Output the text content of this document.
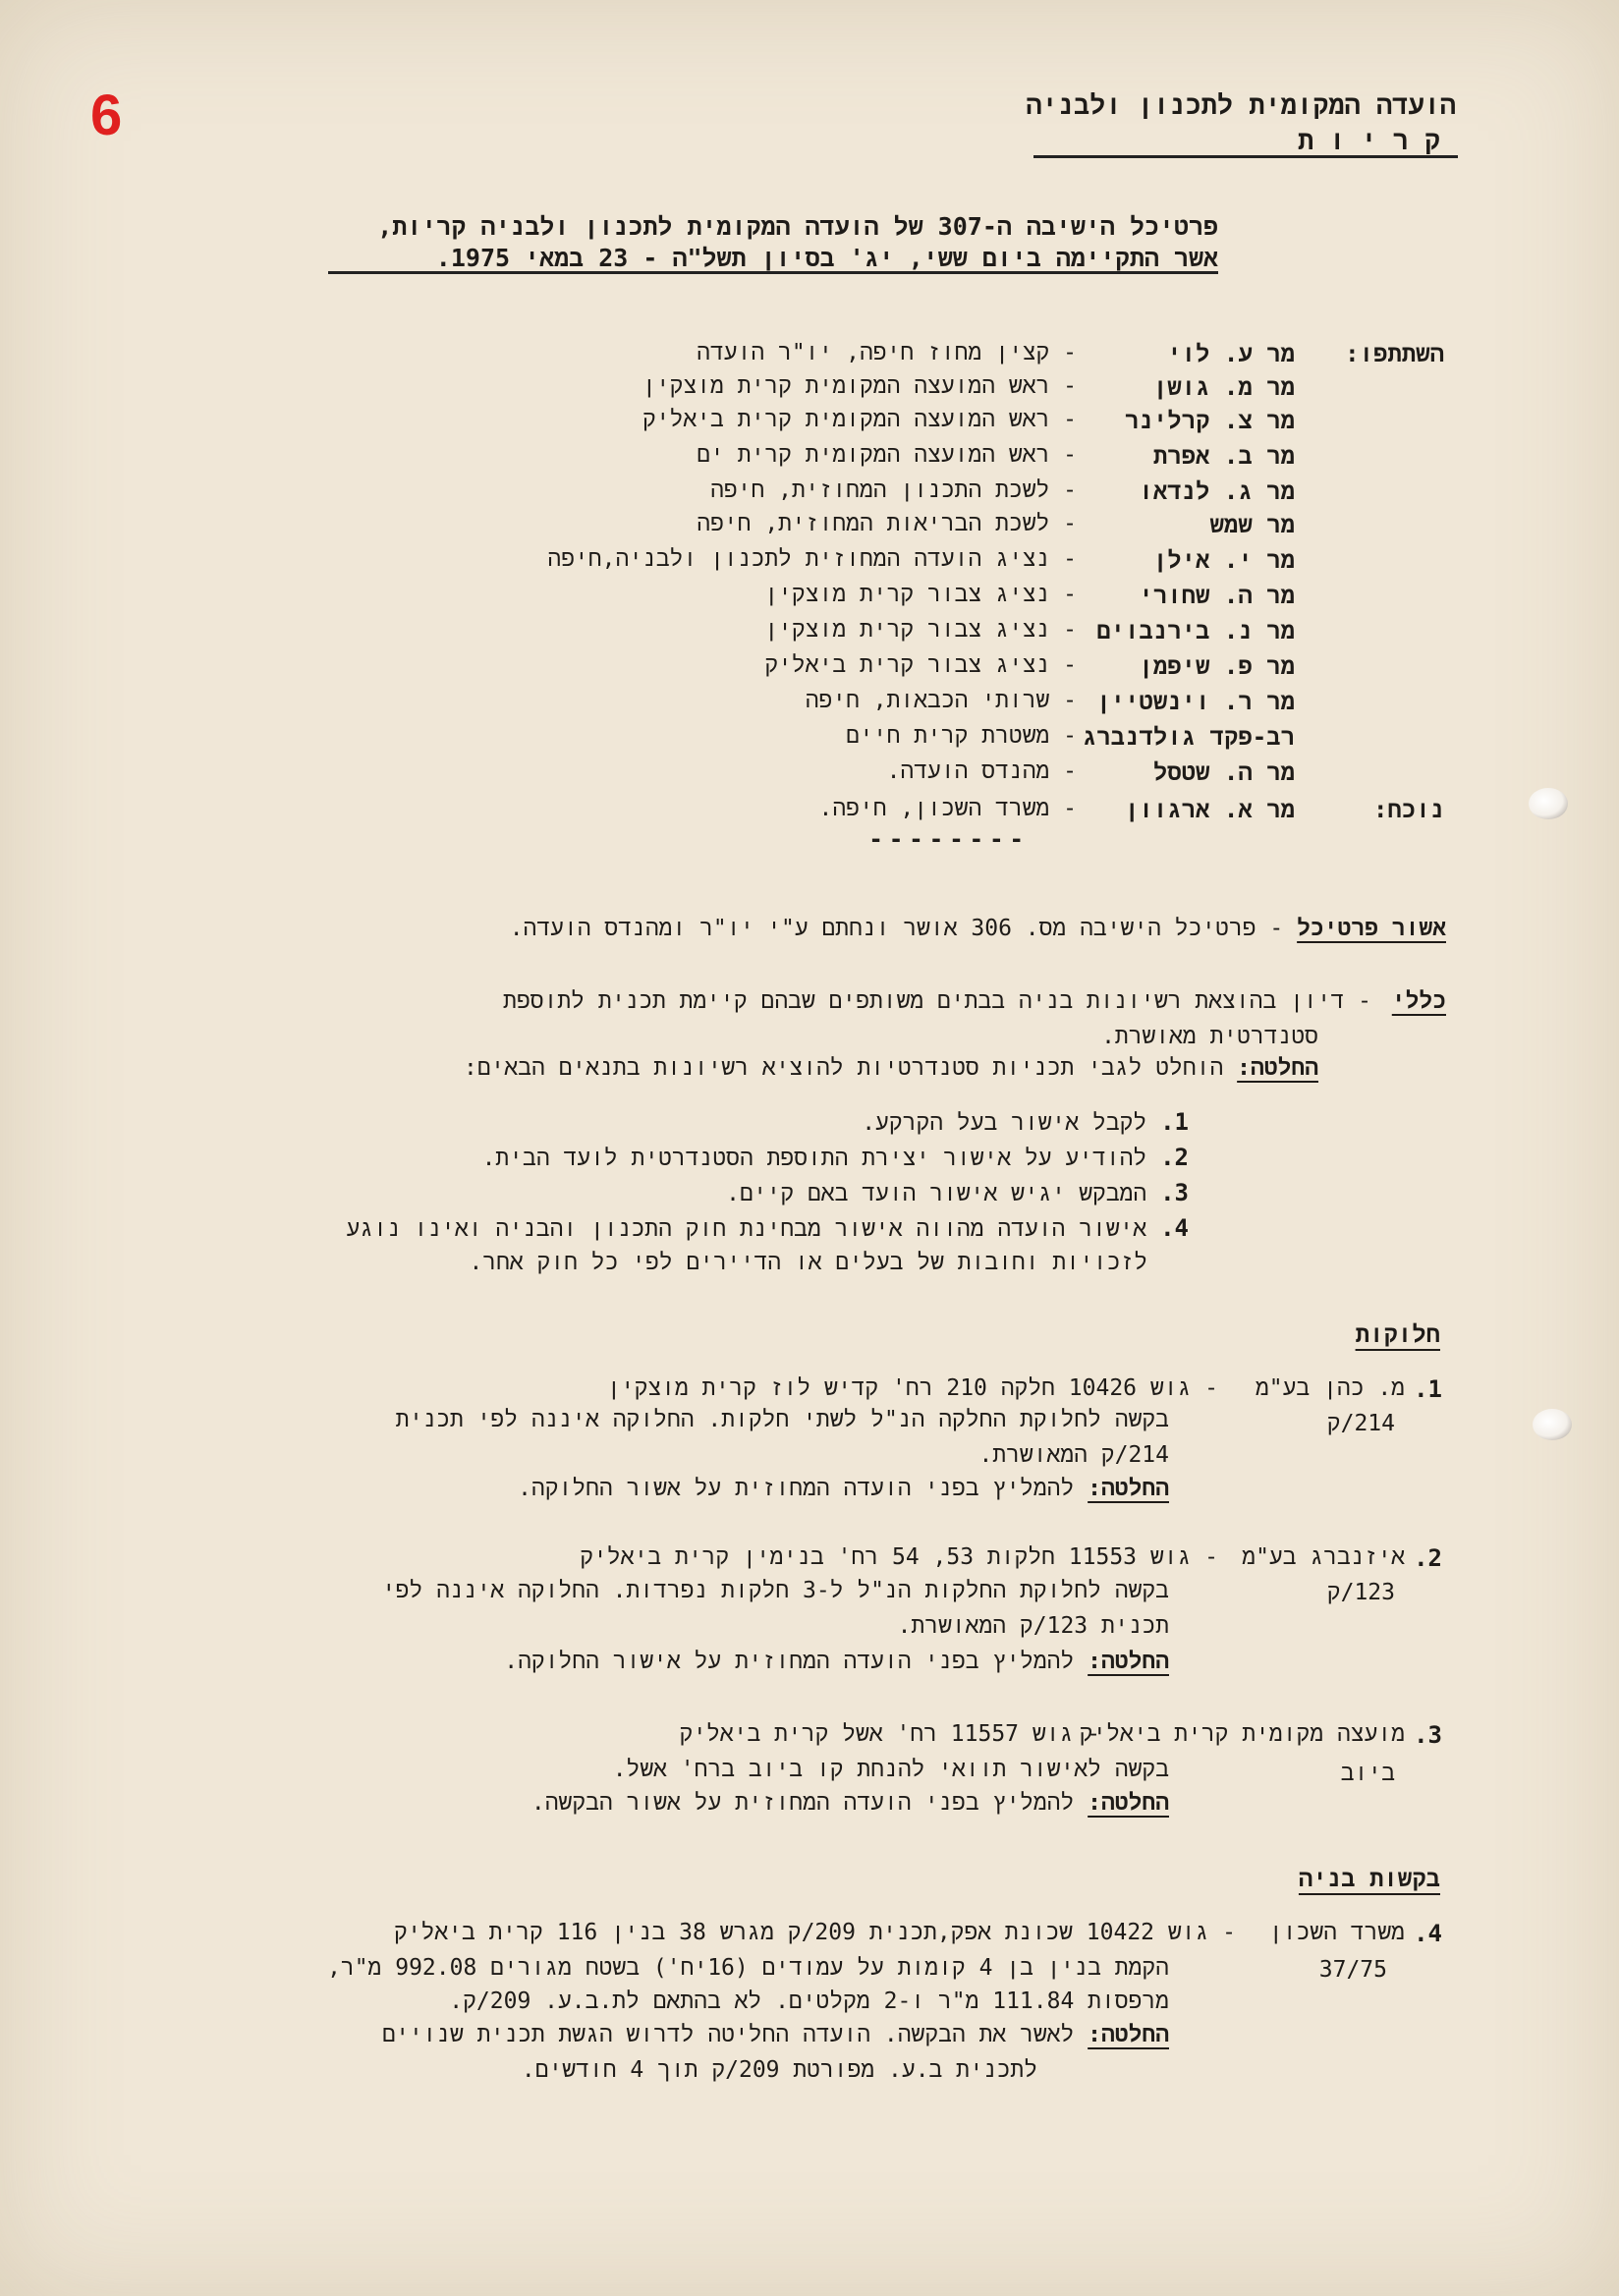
6	הועדה המקומית לתכנון ולבניה
קריות
פרטיכל הישיבה ה-307 של הועדה המקומית לתכנון ולבניה קריות,
אשר התקיימה ביום ששי, יג' בסיון תשל"ה - 23 במאי 1975.
השתתפו:
נוכח:
מר ע. לוי
- קצין מחוז חיפה, יו"ר הועדה
מר מ. גושן
- ראש המועצה המקומית קרית מוצקין
מר צ. קרלינר
- ראש המועצה המקומית קרית ביאליק
מר ב. אפרת
- ראש המועצה המקומית קרית ים
מר ג. לנדאו
- לשכת התכנון המחוזית, חיפה
מר שמש
- לשכת הבריאות המחוזית, חיפה
מר י. אילן
- נציג הועדה המחוזית לתכנון ולבניה,חיפה
מר ה. שחורי
- נציג צבור קרית מוצקין
מר נ. בירנבוים
- נציג צבור קרית מוצקין
מר פ. שיפמן
- נציג צבור קרית ביאליק
מר ר. וינשטיין
- שרותי הכבאות, חיפה
רב-פקד גולדנברג
- משטרת קרית חיים
מר ה. שטסל
- מהנדס הועדה.
מר א. ארגוון
- משרד השכון, חיפה.
--------
אשור פרטיכל - פרטיכל הישיבה מס. 306 אושר ונחתם ע"י יו"ר ומהנדס הועדה.
כללי
- דיון בהוצאת רשיונות בניה בבתים משותפים שבהם קיימת תכנית לתוספת
סטנדרטית מאושרת.
החלטה: הוחלט לגבי תכניות סטנדרטיות להוציא רשיונות בתנאים הבאים:
1. לקבל אישור בעל הקרקע.
2. להודיע על אישור יצירת התוספת הסטנדרטית לועד הבית.
3. המבקש יגיש אישור הועד באם קיים.
4. אישור הועדה מהווה אישור מבחינת חוק התכנון והבניה ואינו נוגע
לזכויות וחובות של בעלים או הדיירים לפי כל חוק אחר.
חלוקות
1.
מ. כהן בע"מ
214/ק
- גוש 10426 חלקה 210 רח' קדיש לוז קרית מוצקין
בקשה לחלוקת החלקה הנ"ל לשתי חלקות. החלוקה איננה לפי תכנית
214/ק המאושרת.
החלטה: להמליץ בפני הועדה המחוזית על אשור החלוקה.
2.
איזנברג בע"מ
123/ק
- גוש 11553 חלקות 53, 54 רח' בנימין קרית ביאליק
בקשה לחלוקת החלקות הנ"ל ל-3 חלקות נפרדות. החלוקה איננה לפי
תכנית 123/ק המאושרת.
החלטה: להמליץ בפני הועדה המחוזית על אישור החלוקה.
3.
מועצה מקומית קרית ביאליק
ביוב
- גוש 11557 רח' אשל קרית ביאליק
בקשה לאישור תוואי להנחת קו ביוב ברח' אשל.
החלטה: להמליץ בפני הועדה המחוזית על אשור הבקשה.
בקשות בניה
4.
משרד השכון
37/75
- גוש 10422 שכונת אפק,תכנית 209/ק מגרש 38 בנין 116 קרית ביאליק
הקמת בנין בן 4 קומות על עמודים (16יח') בשטח מגורים 992.08 מ"ר,
מרפסות 111.84 מ"ר ו-2 מקלטים. לא בהתאם לת.ב.ע. 209/ק.
החלטה: לאשר את הבקשה. הועדה החליטה לדרוש הגשת תכנית שנויים
לתכנית ב.ע. מפורטת 209/ק תוך 4 חודשים.
